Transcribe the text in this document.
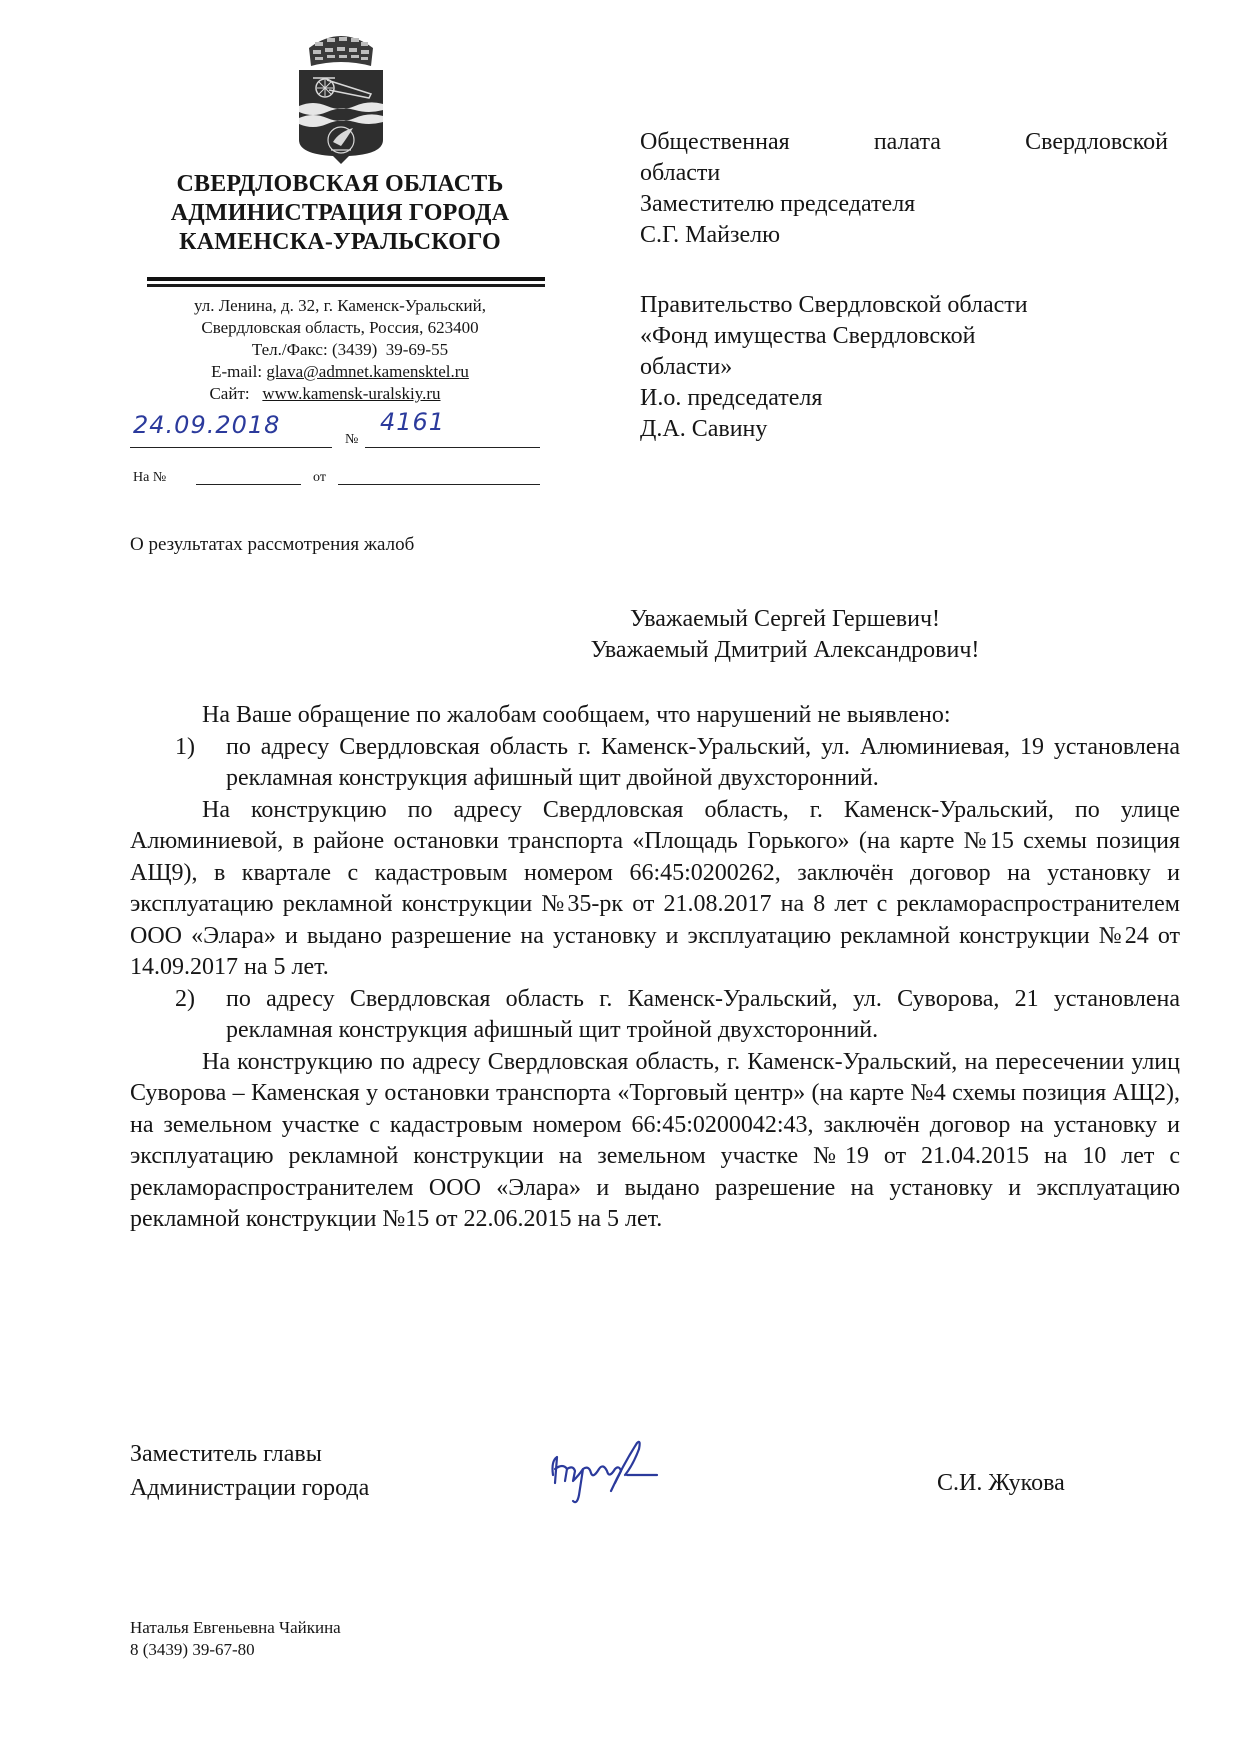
СВЕРДЛОВСКАЯ ОБЛАСТЬ
АДМИНИСТРАЦИЯ ГОРОДА
КАМЕНСКА-УРАЛЬСКОГО
ул. Ленина, д. 32, г. Каменск-Уральский,
Свердловская область, Россия, 623400
Тел./Факс: (3439)  39-69-55
E-mail: glava@admnet.kamensktel.ru
Сайт: www.kamensk-uralskiy.ru
24.09.2018
№
4161
На №	от
Общественная	палата	Свердловской
области
Заместителю председателя
С.Г. Майзелю
Правительство Свердловской области
«Фонд имущества Свердловской
области»
И.о. председателя
Д.А. Савину
О результатах рассмотрения жалоб
Уважаемый Сергей Гершевич!
Уважаемый Дмитрий Александрович!

На Ваше обращение по жалобам сообщаем, что нарушений не выявлено:

1)	по адресу Свердловская область г. Каменск-Уральский, ул. Алюминиевая, 19 установлена рекламная конструкция афишный щит двойной двухсторонний.

На конструкцию по адресу Свердловская область, г. Каменск-Уральский, по улице Алюминиевой, в районе остановки транспорта «Площадь Горького» (на карте №15 схемы позиция АЩ9), в квартале с кадастровым номером 66:45:0200262, заключён договор на установку и эксплуатацию рекламной конструкции №35-рк от 21.08.2017 на 8 лет с рекламораспространителем ООО «Элара» и выдано разрешение на установку и эксплуатацию рекламной конструкции №24 от 14.09.2017 на 5 лет.

2)	по адресу Свердловская область г. Каменск-Уральский, ул. Суворова, 21 установлена рекламная конструкция афишный щит тройной двухсторонний.

На конструкцию по адресу Свердловская область, г. Каменск-Уральский, на пересечении улиц Суворова – Каменская у остановки транспорта «Торговый центр» (на карте №4 схемы позиция АЩ2), на земельном участке с кадастровым номером 66:45:0200042:43, заключён договор на установку и эксплуатацию рекламной конструкции на земельном участке №19 от 21.04.2015 на 10 лет с рекламораспространителем ООО «Элара» и выдано разрешение на установку и эксплуатацию рекламной конструкции №15 от 22.06.2015 на 5 лет.

Заместитель главы
Администрации города	С.И. Жукова
Наталья Евгеньевна Чайкина
8 (3439) 39-67-80
